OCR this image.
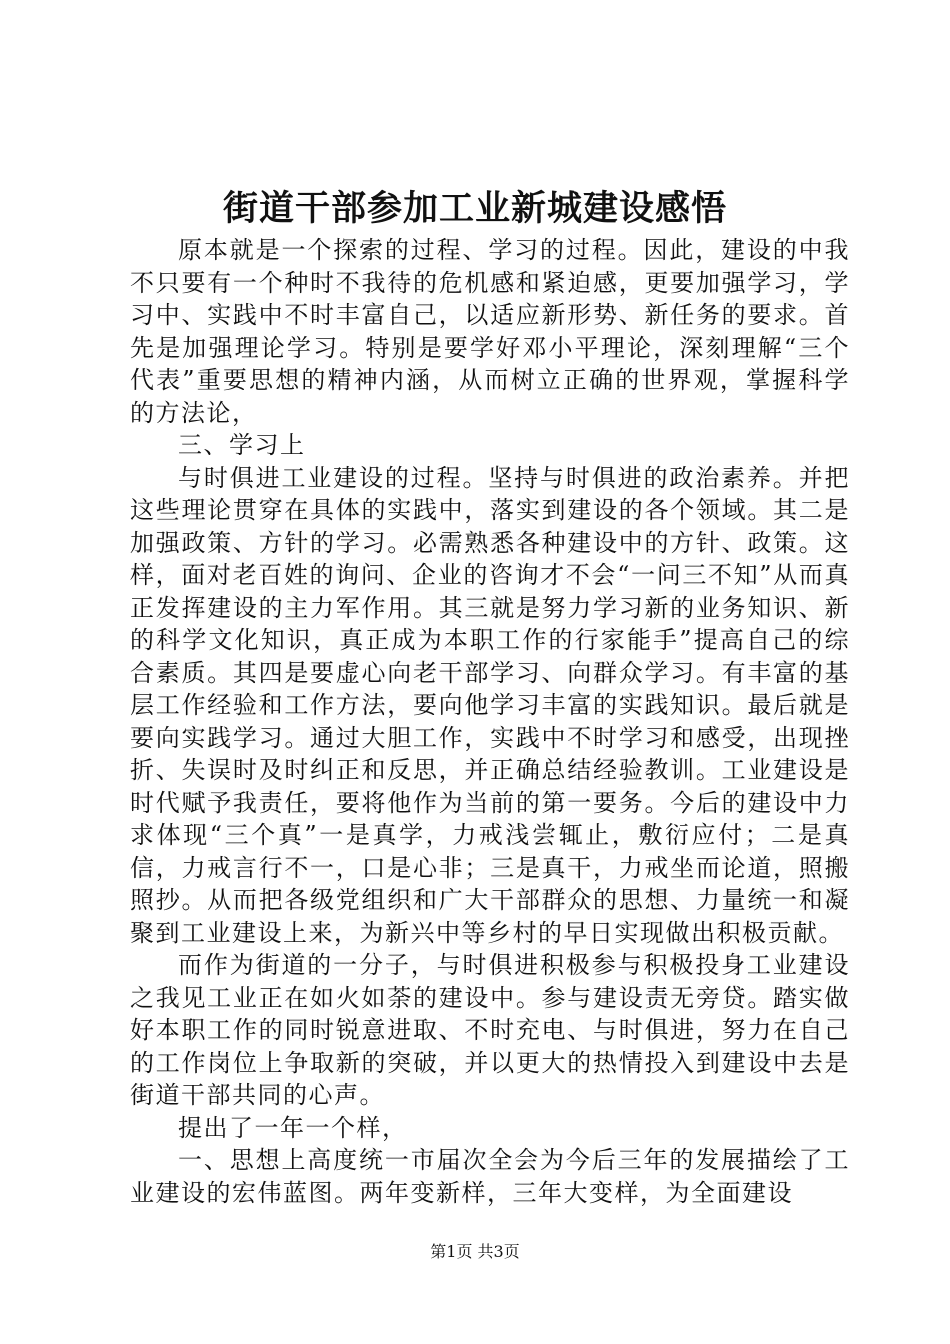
街道干部参加工业新城建设感悟

原本就是一个探索的过程、学习的过程。因此，建设的中我不只要有一个种时不我待的危机感和紧迫感，更要加强学习，学习中、实践中不时丰富自己，以适应新形势、新任务的要求。首先是加强理论学习。特别是要学好邓小平理论，深刻理解“三个代表”重要思想的精神内涵，从而树立正确的世界观，掌握科学的方法论，

三、学习上

与时俱进工业建设的过程。坚持与时俱进的政治素养。并把这些理论贯穿在具体的实践中，落实到建设的各个领域。其二是加强政策、方针的学习。必需熟悉各种建设中的方针、政策。这样，面对老百姓的询问、企业的咨询才不会“一问三不知”从而真正发挥建设的主力军作用。其三就是努力学习新的业务知识、新的科学文化知识，真正成为本职工作的行家能手”提高自己的综合素质。其四是要虚心向老干部学习、向群众学习。有丰富的基层工作经验和工作方法，要向他学习丰富的实践知识。最后就是要向实践学习。通过大胆工作，实践中不时学习和感受，出现挫折、失误时及时纠正和反思，并正确总结经验教训。工业建设是时代赋予我责任，要将他作为当前的第一要务。今后的建设中力求体现“三个真”一是真学，力戒浅尝辄止，敷衍应付；二是真信，力戒言行不一，口是心非；三是真干，力戒坐而论道，照搬照抄。从而把各级党组织和广大干部群众的思想、力量统一和凝聚到工业建设上来，为新兴中等乡村的早日实现做出积极贡献。

而作为街道的一分子，与时俱进积极参与积极投身工业建设之我见工业正在如火如荼的建设中。参与建设责无旁贷。踏实做好本职工作的同时锐意进取、不时充电、与时俱进，努力在自己的工作岗位上争取新的突破，并以更大的热情投入到建设中去是街道干部共同的心声。

提出了一年一个样，

一、思想上高度统一市届次全会为今后三年的发展描绘了工业建设的宏伟蓝图。两年变新样，三年大变样，为全面建设

第1页 共3页
